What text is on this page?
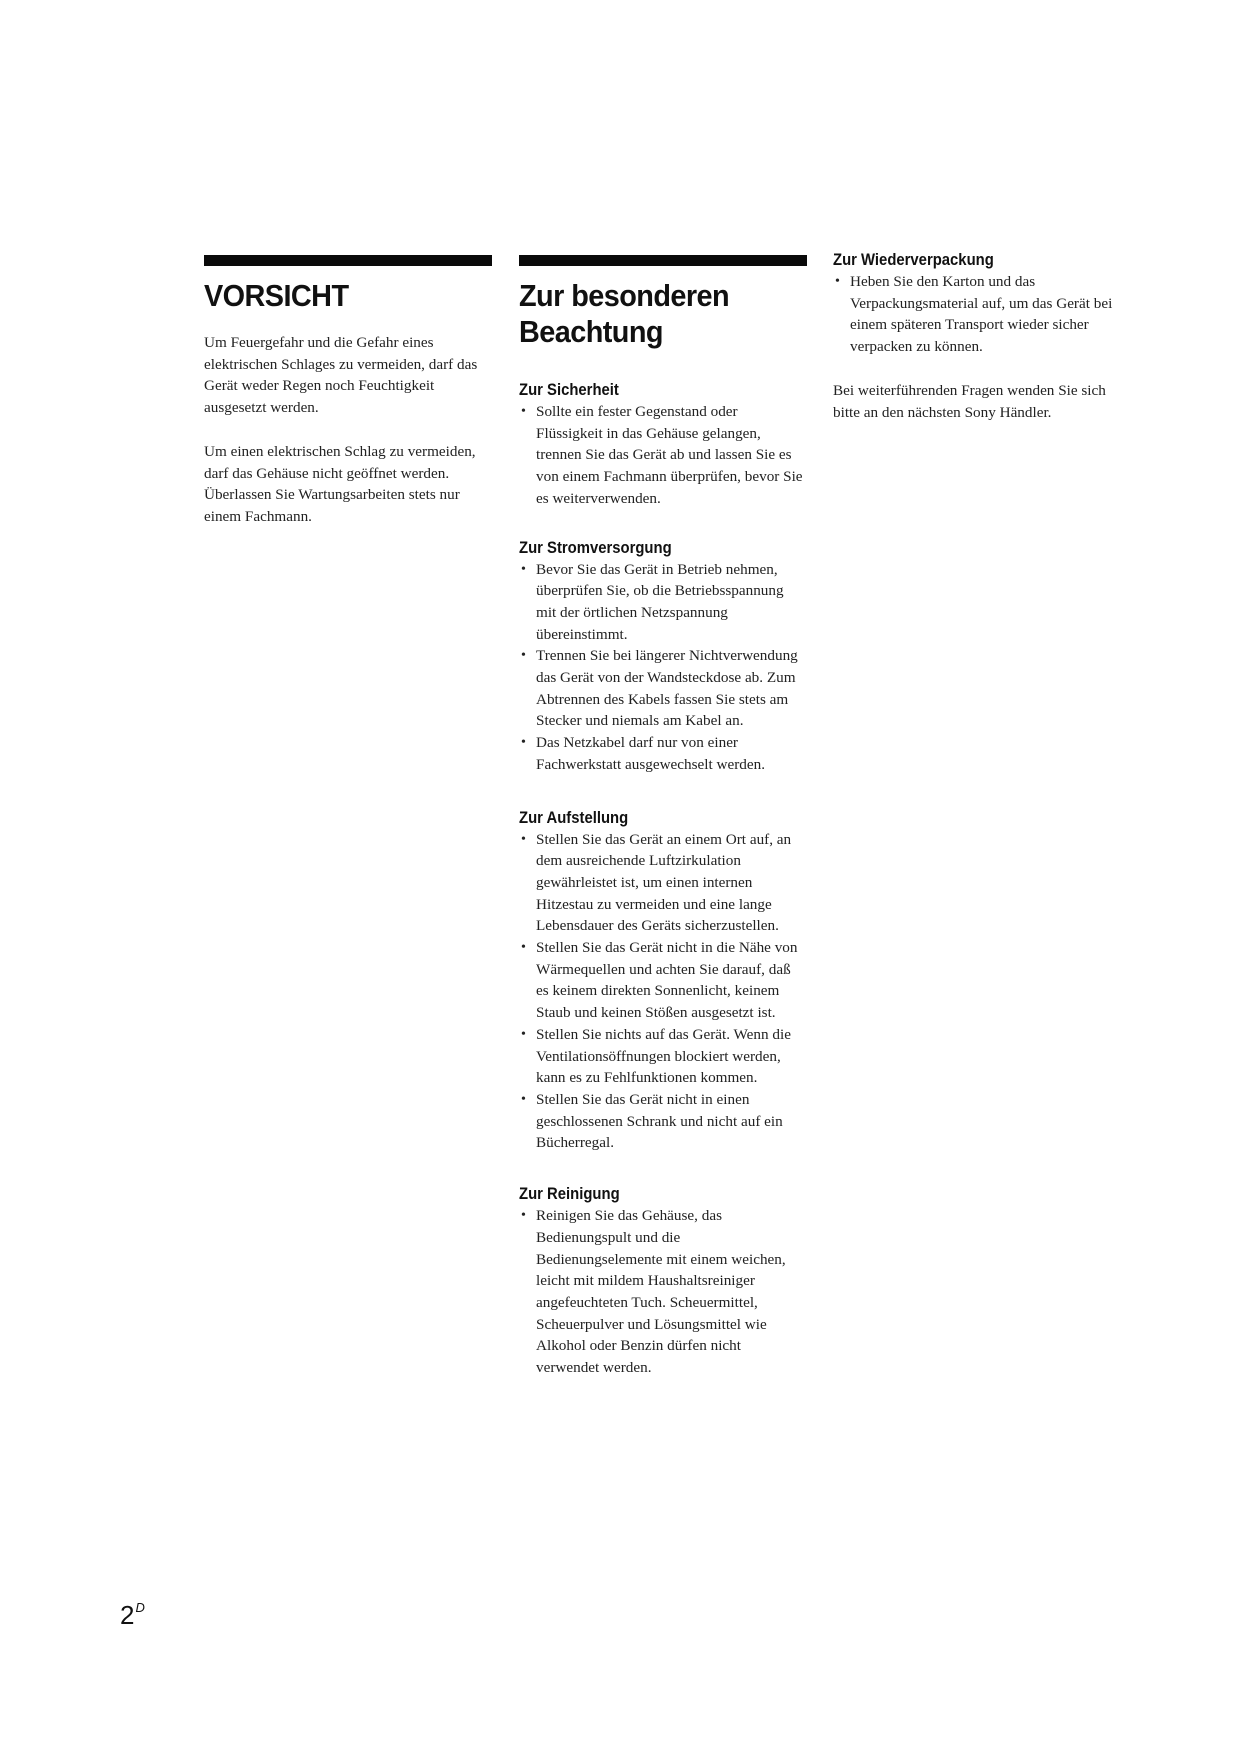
VORSICHT

Um Feuergefahr und die Gefahr eines elektrischen Schlages zu vermeiden, darf das Gerät weder Regen noch Feuchtigkeit ausgesetzt werden.

Um einen elektrischen Schlag zu vermeiden, darf das Gehäuse nicht geöffnet werden. Überlassen Sie Wartungsarbeiten stets nur einem Fachmann.

Zur besonderen
Beachtung
Zur Sicherheit
• Sollte ein fester Gegenstand oder Flüssigkeit in das Gehäuse gelangen, trennen Sie das Gerät ab und lassen Sie es von einem Fachmann überprüfen, bevor Sie es weiterverwenden.
Zur Stromversorgung
• Bevor Sie das Gerät in Betrieb nehmen, überprüfen Sie, ob die Betriebsspannung mit der örtlichen Netzspannung übereinstimmt.
• Trennen Sie bei längerer Nichtverwendung das Gerät von der Wandsteckdose ab. Zum Abtrennen des Kabels fassen Sie stets am Stecker und niemals am Kabel an.
• Das Netzkabel darf nur von einer Fachwerkstatt ausgewechselt werden.
Zur Aufstellung
• Stellen Sie das Gerät an einem Ort auf, an dem ausreichende Luftzirkulation gewährleistet ist, um einen internen Hitzestau zu vermeiden und eine lange Lebensdauer des Geräts sicherzustellen.
• Stellen Sie das Gerät nicht in die Nähe von Wärmequellen und achten Sie darauf, daß es keinem direkten Sonnenlicht, keinem Staub und keinen Stößen ausgesetzt ist.
• Stellen Sie nichts auf das Gerät. Wenn die Ventilationsöffnungen blockiert werden, kann es zu Fehlfunktionen kommen.
• Stellen Sie das Gerät nicht in einen geschlossenen Schrank und nicht auf ein Bücherregal.
Zur Reinigung
• Reinigen Sie das Gehäuse, das Bedienungspult und die Bedienungselemente mit einem weichen, leicht mit mildem Haushaltsreiniger angefeuchteten Tuch. Scheuermittel, Scheuerpulver und Lösungsmittel wie Alkohol oder Benzin dürfen nicht verwendet werden.
Zur Wiederverpackung
• Heben Sie den Karton und das Verpackungsmaterial auf, um das Gerät bei einem späteren Transport wieder sicher verpacken zu können.

Bei weiterführenden Fragen wenden Sie sich bitte an den nächsten Sony Händler.

$2^D$
